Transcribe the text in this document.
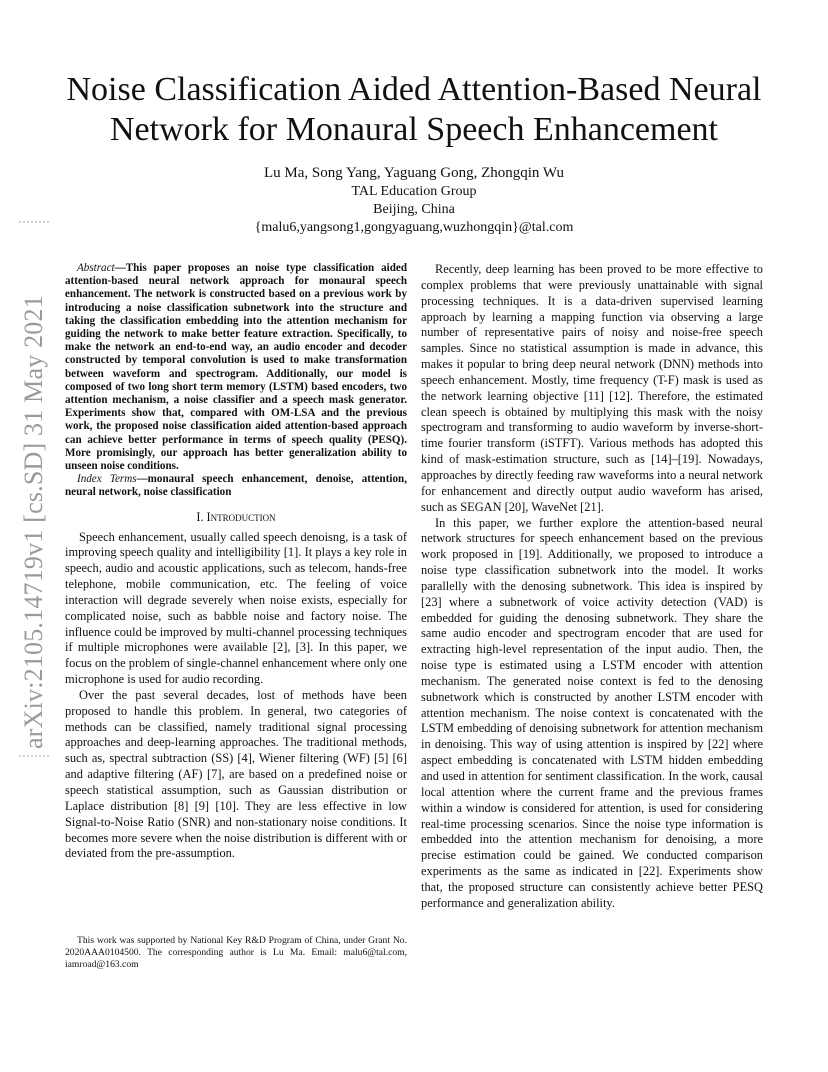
Noise Classification Aided Attention-Based Neural
Network for Monaural Speech Enhancement
Lu Ma, Song Yang, Yaguang Gong, Zhongqin Wu
TAL Education Group
Beijing, China
{malu6,yangsong1,gongyaguang,wuzhongqin}@tal.com
arXiv:2105.14719v1 [cs.SD] 31 May 2021

Abstract—This paper proposes an noise type classification aided attention-based neural network approach for monaural speech enhancement. The network is constructed based on a previous work by introducing a noise classification subnetwork into the structure and taking the classification embedding into the attention mechanism for guiding the network to make better feature extraction. Specifically, to make the network an end-to-end way, an audio encoder and decoder constructed by temporal convolution is used to make transformation between waveform and spectrogram. Additionally, our model is composed of two long short term memory (LSTM) based encoders, two attention mechanism, a noise classifier and a speech mask generator. Experiments show that, compared with OM-LSA and the previous work, the proposed noise classification aided attention-based approach can achieve better performance in terms of speech quality (PESQ). More promisingly, our approach has better generalization ability to unseen noise conditions.

Index Terms—monaural speech enhancement, denoise, attention, neural network, noise classification

I. Introduction

Speech enhancement, usually called speech denoisng, is a task of improving speech quality and intelligibility [1]. It plays a key role in speech, audio and acoustic applications, such as telecom, hands-free telephone, mobile communication, etc. The feeling of voice interaction will degrade severely when noise exists, especially for complicated noise, such as babble noise and factory noise. The influence could be improved by multi-channel processing techniques if multiple microphones were available [2], [3]. In this paper, we focus on the problem of single-channel enhancement where only one microphone is used for audio recording.

Over the past several decades, lost of methods have been proposed to handle this problem. In general, two categories of methods can be classified, namely traditional signal processing approaches and deep-learning approaches. The traditional methods, such as, spectral subtraction (SS) [4], Wiener filtering (WF) [5] [6] and adaptive filtering (AF) [7], are based on a predefined noise or speech statistical assumption, such as Gaussian distribution or Laplace distribution [8] [9] [10]. They are less effective in low Signal-to-Noise Ratio (SNR) and non-stationary noise conditions. It becomes more severe when the noise distribution is different with or deviated from the pre-assumption.

This work was supported by National Key R&D Program of China, under Grant No. 2020AAA0104500. The corresponding author is Lu Ma. Email: malu6@tal.com, iamroad@163.com

Recently, deep learning has been proved to be more effective to complex problems that were previously unattainable with signal processing techniques. It is a data-driven supervised learning approach by learning a mapping function via observing a large number of representative pairs of noisy and noise-free speech samples. Since no statistical assumption is made in advance, this makes it popular to bring deep neural network (DNN) methods into speech enhancement. Mostly, time frequency (T-F) mask is used as the network learning objective [11] [12]. Therefore, the estimated clean speech is obtained by multiplying this mask with the noisy spectrogram and transforming to audio waveform by inverse-short-time fourier transform (iSTFT). Various methods has adopted this kind of mask-estimation structure, such as [14]–[19]. Nowadays, approaches by directly feeding raw waveforms into a neural network for enhancement and directly output audio waveform has arised, such as SEGAN [20], WaveNet [21].

In this paper, we further explore the attention-based neural network structures for speech enhancement based on the previous work proposed in [19]. Additionally, we proposed to introduce a noise type classification subnetwork into the model. It works parallelly with the denosing subnetwork. This idea is inspired by [23] where a subnetwork of voice activity detection (VAD) is embedded for guiding the denosing subnetwork. They share the same audio encoder and spectrogram encoder that are used for extracting high-level representation of the input audio. Then, the noise type is estimated using a LSTM encoder with attention mechanism. The generated noise context is fed to the denosing subnetwork which is constructed by another LSTM encoder with attention mechanism. The noise context is concatenated with the LSTM embedding of denoising subnetwork for attention mechanism in denoising. This way of using attention is inspired by [22] where aspect embedding is concatenated with LSTM hidden embedding and used in attention for sentiment classification. In the work, causal local attention where the current frame and the previous frames within a window is considered for attention, is used for considering real-time processing scenarios. Since the noise type information is embedded into the attention mechanism for denoising, a more precise estimation could be gained. We conducted comparison experiments as the same as indicated in [22]. Experiments show that, the proposed structure can consistently achieve better PESQ performance and generalization ability.
